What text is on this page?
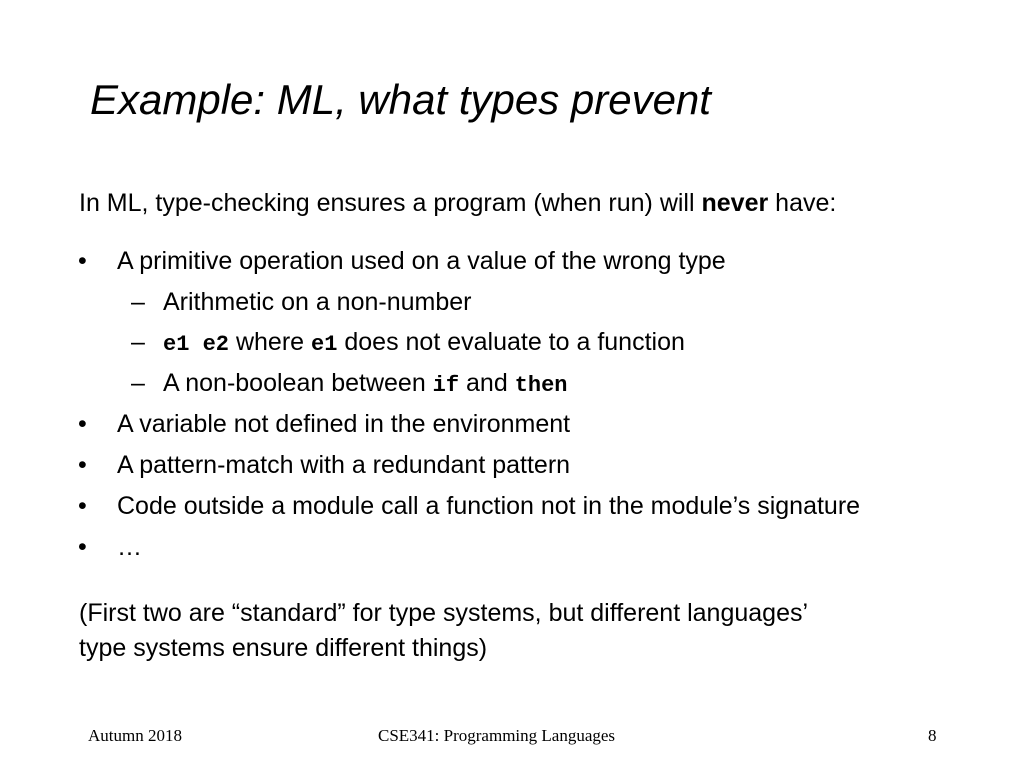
Example: ML, what types prevent
In ML, type-checking ensures a program (when run) will never have:
• A primitive operation used on a value of the wrong type
– Arithmetic on a non-number
– e1 e2 where e1 does not evaluate to a function
– A non-boolean between if and then
• A variable not defined in the environment
• A pattern-match with a redundant pattern
• Code outside a module call a function not in the module’s signature
• …
(First two are “standard” for type systems, but different languages’
type systems ensure different things)
Autumn 2018	CSE341: Programming Languages	8
